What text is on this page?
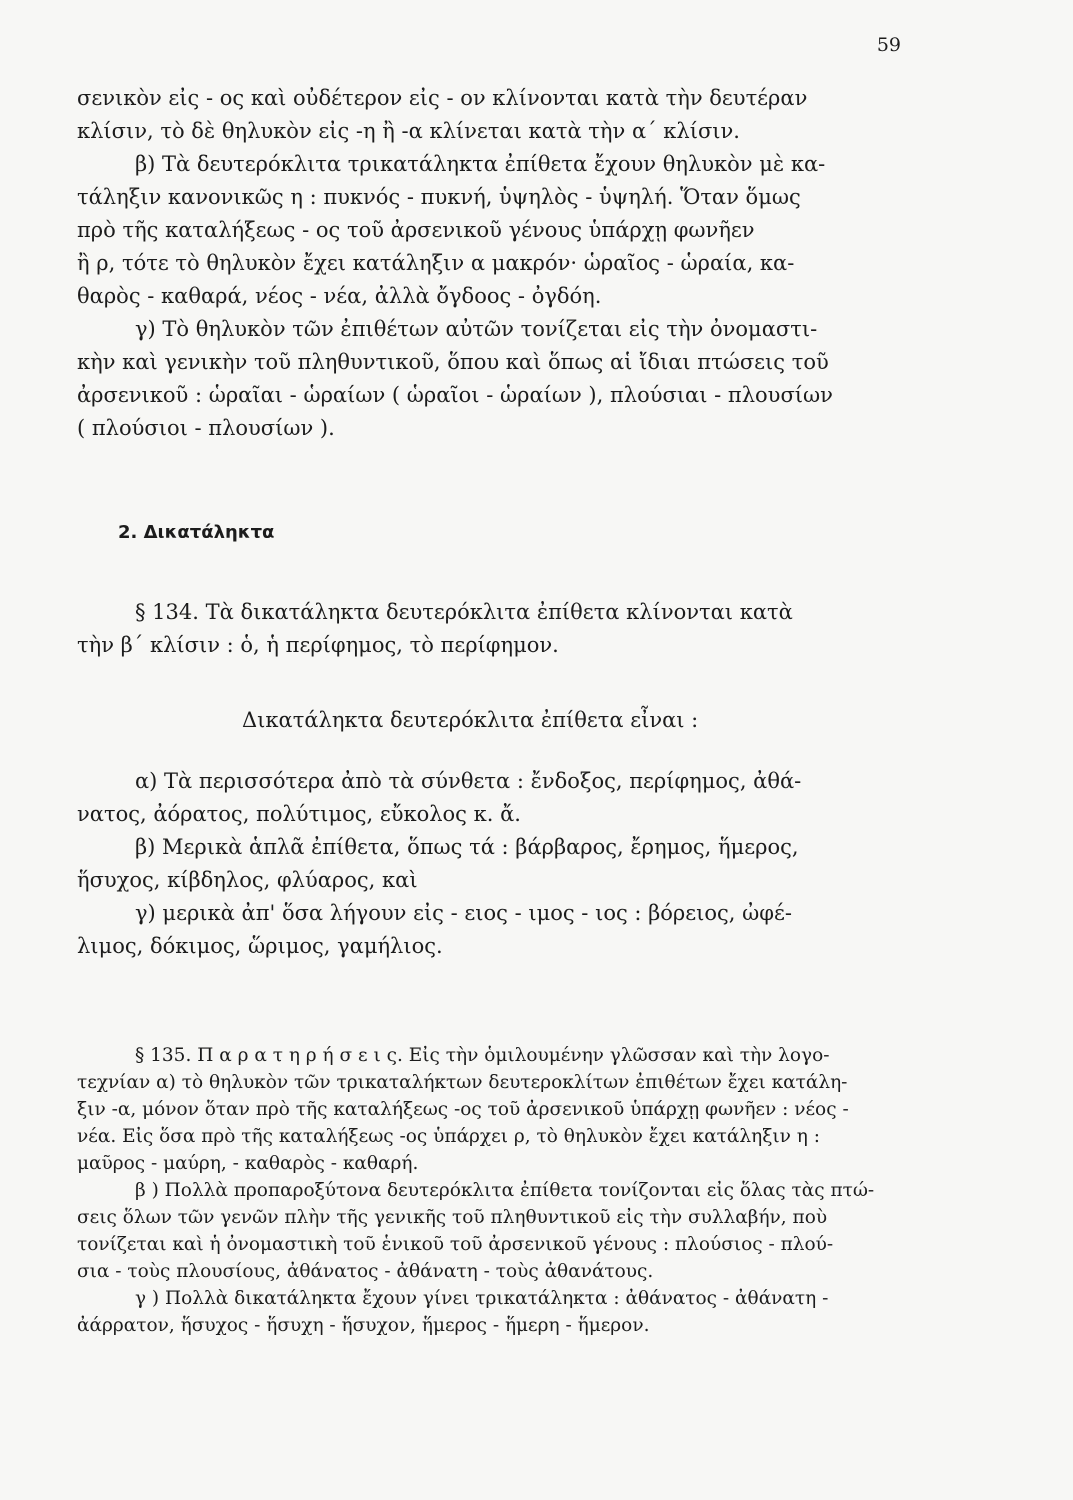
59
σενικὸν εἰς - ος καὶ οὐδέτερον εἰς - ον κλίνονται κατὰ τὴν δευτέραν
κλίσιν, τὸ δὲ θηλυκὸν εἰς -η ἢ -α κλίνεται κατὰ τὴν α΄ κλίσιν.
β) Τὰ δευτερόκλιτα τρικατάληκτα ἐπίθετα ἔχουν θηλυκὸν μὲ κα-
τάληξιν κανονικῶς η : πυκνός - πυκνή, ὑψηλὸς - ὑψηλή. Ὅταν ὅμως
πρὸ τῆς καταλήξεως - ος τοῦ ἀρσενικοῦ γένους ὑπάρχῃ φωνῆεν
ἢ ρ, τότε τὸ θηλυκὸν ἔχει κατάληξιν α μακρόν· ὡραῖος - ὡραία, κα-
θαρὸς - καθαρά, νέος - νέα, ἀλλὰ ὄγδοος - ὀγδόη.
γ) Τὸ θηλυκὸν τῶν ἐπιθέτων αὐτῶν τονίζεται εἰς τὴν ὀνομαστι-
κὴν καὶ γενικὴν τοῦ πληθυντικοῦ, ὅπου καὶ ὅπως αἱ ἴδιαι πτώσεις τοῦ
ἀρσενικοῦ : ὡραῖαι - ὡραίων ( ὡραῖοι - ὡραίων ), πλούσιαι - πλουσίων
( πλούσιοι - πλουσίων ).
2. Δικατάληκτα
§ 134. Τὰ δικατάληκτα δευτερόκλιτα ἐπίθετα κλίνονται κατὰ
τὴν β΄ κλίσιν : ὁ, ἡ περίφημος, τὸ περίφημον.
Δικατάληκτα δευτερόκλιτα ἐπίθετα εἶναι :
α) Τὰ περισσότερα ἀπὸ τὰ σύνθετα : ἔνδοξος, περίφημος, ἀθά-
νατος, ἀόρατος, πολύτιμος, εὔκολος κ. ἄ.
β) Μερικὰ ἁπλᾶ ἐπίθετα, ὅπως τά : βάρβαρος, ἔρημος, ἥμερος,
ἥσυχος, κίβδηλος, φλύαρος, καὶ
γ) μερικὰ ἀπ' ὅσα λήγουν εἰς - ειος - ιμος - ιος : βόρειος, ὠφέ-
λιμος, δόκιμος, ὥριμος, γαμήλιος.
§ 135. Π α ρ α τ η ρ ή σ ε ι ς. Εἰς τὴν ὁμιλουμένην γλῶσσαν καὶ τὴν λογο-
τεχνίαν α) τὸ θηλυκὸν τῶν τρικαταλήκτων δευτεροκλίτων ἐπιθέτων ἔχει κατάλη-
ξιν -α, μόνον ὅταν πρὸ τῆς καταλήξεως -ος τοῦ ἀρσενικοῦ ὑπάρχῃ φωνῆεν : νέος -
νέα. Εἰς ὅσα πρὸ τῆς καταλήξεως -ος ὑπάρχει ρ, τὸ θηλυκὸν ἔχει κατάληξιν η :
μαῦρος - μαύρη, - καθαρὸς - καθαρή.
β ) Πολλὰ προπαροξύτονα δευτερόκλιτα ἐπίθετα τονίζονται εἰς ὅλας τὰς πτώ-
σεις ὅλων τῶν γενῶν πλὴν τῆς γενικῆς τοῦ πληθυντικοῦ εἰς τὴν συλλαβήν, ποὺ
τονίζεται καὶ ἡ ὀνομαστικὴ τοῦ ἑνικοῦ τοῦ ἀρσενικοῦ γένους : πλούσιος - πλού-
σια - τοὺς πλουσίους, ἀθάνατος - ἀθάνατη - τοὺς ἀθανάτους.
γ ) Πολλὰ δικατάληκτα ἔχουν γίνει τρικατάληκτα : ἀθάνατος - ἀθάνατη -
ἀάρρατον, ἥσυχος - ἥσυχη - ἥσυχον, ἥμερος - ἥμερη - ἥμερον.
